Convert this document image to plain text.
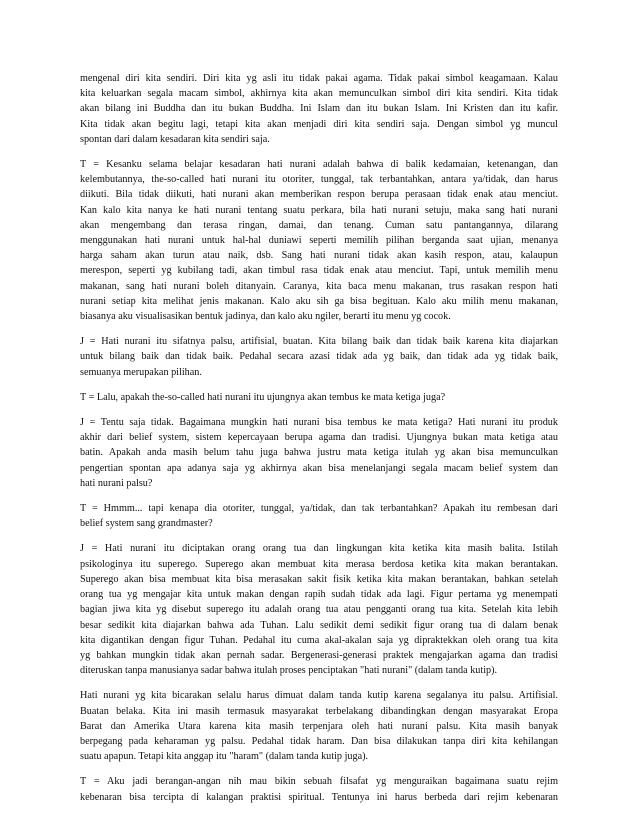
mengenal diri kita sendiri. Diri kita yg asli itu tidak pakai agama. Tidak pakai simbol keagamaan. Kalau
kita keluarkan segala macam simbol, akhirnya kita akan memunculkan simbol diri kita sendiri. Kita tidak
akan bilang ini Buddha dan itu bukan Buddha. Ini Islam dan itu bukan Islam. Ini Kristen dan itu kafir.
Kita tidak akan begitu lagi, tetapi kita akan menjadi diri kita sendiri saja. Dengan simbol yg muncul
spontan dari dalam kesadaran kita sendiri saja.

T = Kesanku selama belajar kesadaran hati nurani adalah bahwa di balik kedamaian, ketenangan, dan
kelembutannya, the-so-called hati nurani itu otoriter, tunggal, tak terbantahkan, antara ya/tidak, dan harus
diikuti. Bila tidak diikuti, hati nurani akan memberikan respon berupa perasaan tidak enak atau menciut.
Kan kalo kita nanya ke hati nurani tentang suatu perkara, bila hati nurani setuju, maka sang hati nurani
akan mengembang dan terasa ringan, damai, dan tenang. Cuman satu pantangannya, dilarang
menggunakan hati nurani untuk hal-hal duniawi seperti memilih pilihan berganda saat ujian, menanya
harga saham akan turun atau naik, dsb. Sang hati nurani tidak akan kasih respon, atau, kalaupun
merespon, seperti yg kubilang tadi, akan timbul rasa tidak enak atau menciut. Tapi, untuk memilih menu
makanan, sang hati nurani boleh ditanyain. Caranya, kita baca menu makanan, trus rasakan respon hati
nurani setiap kita melihat jenis makanan. Kalo aku sih ga bisa begituan. Kalo aku milih menu makanan,
biasanya aku visualisasikan bentuk jadinya, dan kalo aku ngiler, berarti itu menu yg cocok.

J = Hati nurani itu sifatnya palsu, artifisial, buatan. Kita bilang baik dan tidak baik karena kita diajarkan
untuk bilang baik dan tidak baik. Pedahal secara azasi tidak ada yg baik, dan tidak ada yg tidak baik,
semuanya merupakan pilihan.

T = Lalu, apakah the-so-called hati nurani itu ujungnya akan tembus ke mata ketiga juga?

J = Tentu saja tidak. Bagaimana mungkin hati nurani bisa tembus ke mata ketiga? Hati nurani itu produk
akhir dari belief system, sistem kepercayaan berupa agama dan tradisi. Ujungnya bukan mata ketiga atau
batin. Apakah anda masih belum tahu juga bahwa justru mata ketiga itulah yg akan bisa memunculkan
pengertian spontan apa adanya saja yg akhirnya akan bisa menelanjangi segala macam belief system dan
hati nurani palsu?

T = Hmmm... tapi kenapa dia otoriter, tunggal, ya/tidak, dan tak terbantahkan? Apakah itu rembesan dari
belief system sang grandmaster?

J = Hati nurani itu diciptakan orang orang tua dan lingkungan kita ketika kita masih balita. Istilah
psikologinya itu superego. Superego akan membuat kita merasa berdosa ketika kita makan berantakan.
Superego akan bisa membuat kita bisa merasakan sakit fisik ketika kita makan berantakan, bahkan setelah
orang tua yg mengajar kita untuk makan dengan rapih sudah tidak ada lagi. Figur pertama yg menempati
bagian jiwa kita yg disebut superego itu adalah orang tua atau pengganti orang tua kita. Setelah kita lebih
besar sedikit kita diajarkan bahwa ada Tuhan. Lalu sedikit demi sedikit figur orang tua di dalam benak
kita digantikan dengan figur Tuhan. Pedahal itu cuma akal-akalan saja yg dipraktekkan oleh orang tua kita
yg bahkan mungkin tidak akan pernah sadar. Bergenerasi-generasi praktek mengajarkan agama dan tradisi
diteruskan tanpa manusianya sadar bahwa itulah proses penciptakan "hati nurani" (dalam tanda kutip).

Hati nurani yg kita bicarakan selalu harus dimuat dalam tanda kutip karena segalanya itu palsu. Artifisial.
Buatan belaka. Kita ini masih termasuk masyarakat terbelakang dibandingkan dengan masyarakat Eropa
Barat dan Amerika Utara karena kita masih terpenjara oleh hati nurani palsu. Kita masih banyak
berpegang pada keharaman yg palsu. Pedahal tidak haram. Dan bisa dilakukan tanpa diri kita kehilangan
suatu apapun. Tetapi kita anggap itu "haram" (dalam tanda kutip juga).

T = Aku jadi berangan-angan nih mau bikin sebuah filsafat yg menguraikan bagaimana suatu rejim
kebenaran bisa tercipta di kalangan praktisi spiritual. Tentunya ini harus berbeda dari rejim kebenaran
